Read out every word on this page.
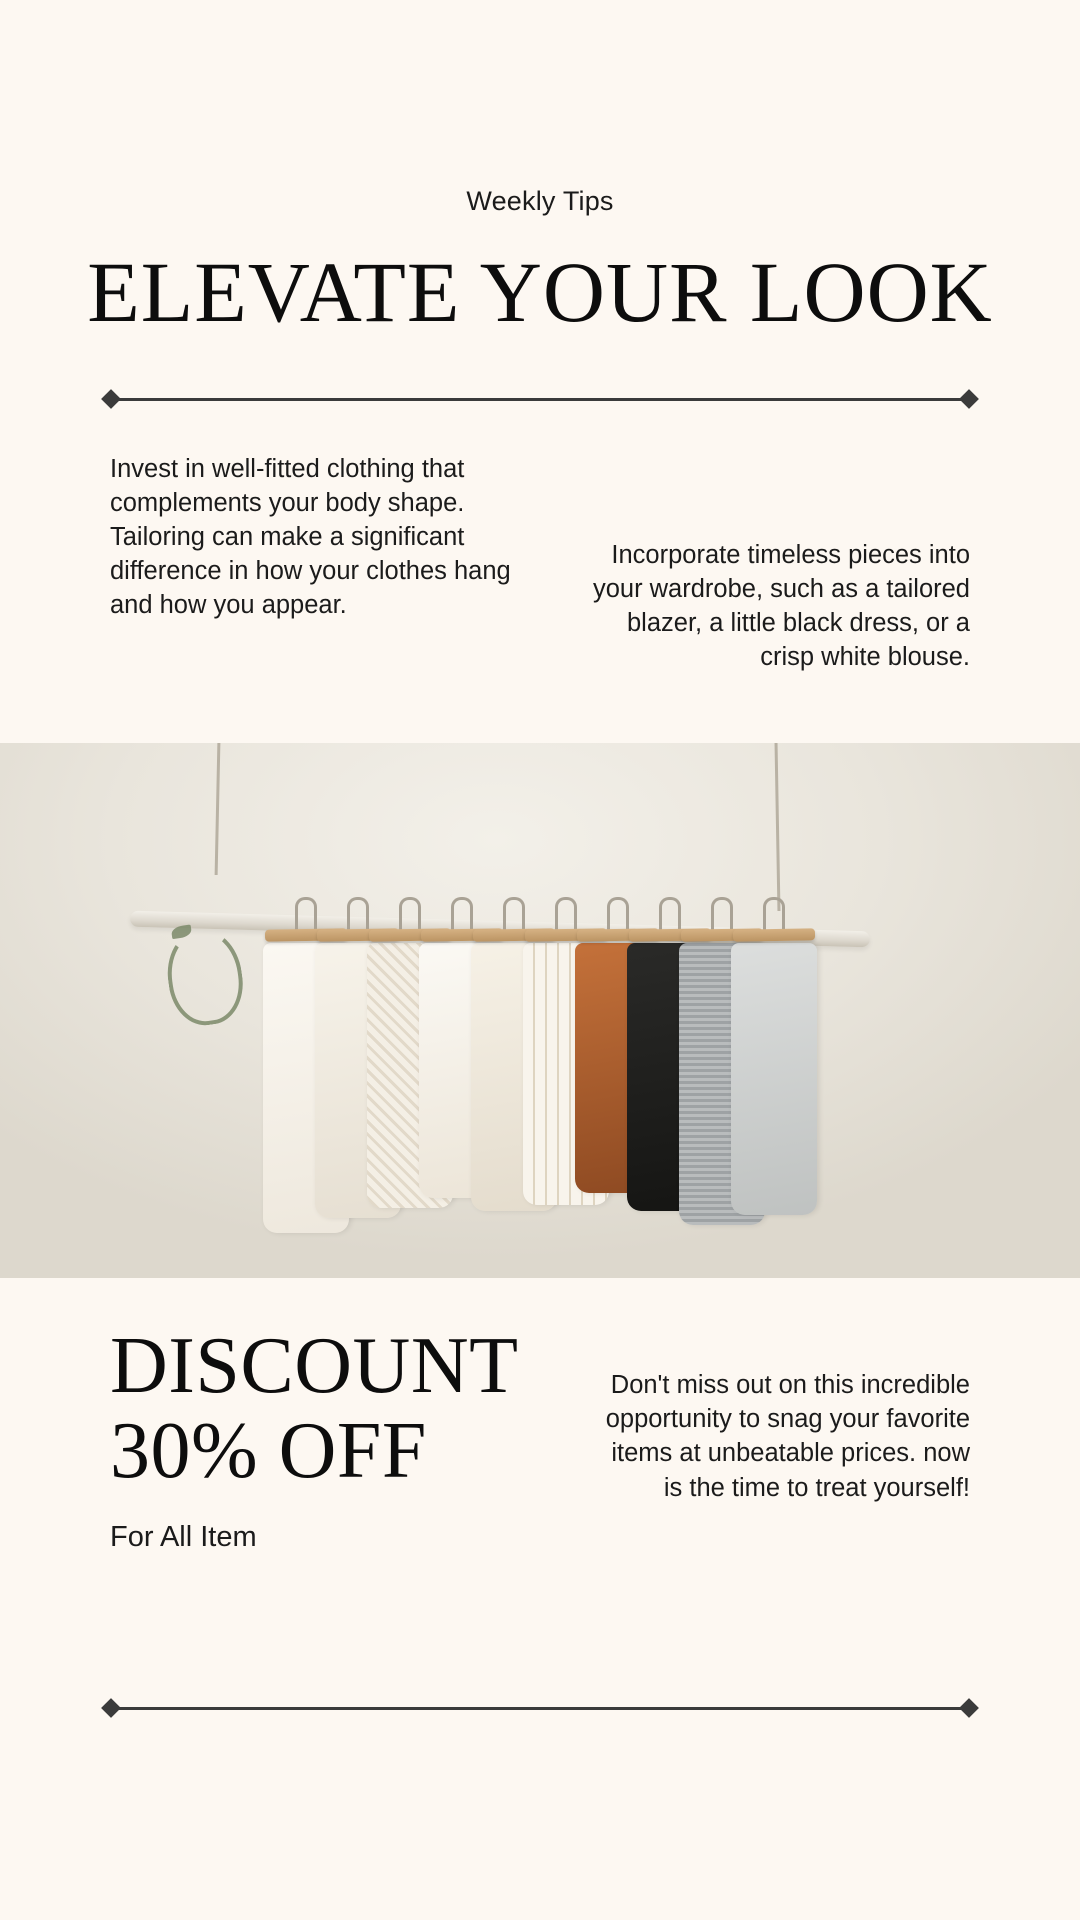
Weekly Tips
ELEVATE YOUR LOOK

Invest in well-fitted clothing that complements your body shape. Tailoring can make a significant difference in how your clothes hang and how you appear.

Incorporate timeless pieces into your wardrobe, such as a tailored blazer, a little black dress, or a crisp white blouse.

DISCOUNT
30% OFF
For All Item

Don't miss out on this incredible opportunity to snag your favorite items at unbeatable prices. now is the time to treat yourself!
